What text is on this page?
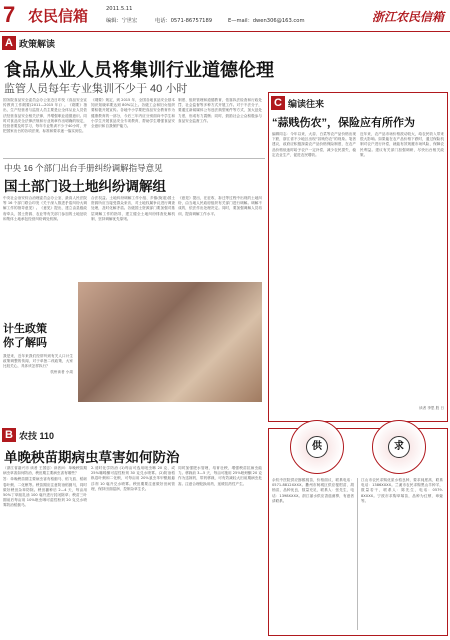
7 农民信箱	2011.5.11
编辑：宁世宏	电话：0571-86757189	E—mail：dwen306@163.com	浙江农民信箱
A 政策解读
食品从业人员将集训行业道德伦理
监管人员每年专业集训不少于 40 小时
国务院食品安全委员会办公室近日印发《食品安全宣传教育工作纲要(2011—2015 年)》。《纲要》指出，生产经营者与监管人员主要是让全体从业人员依法经营食品安全相关法律，并增强职业道德意识。同时对食品安全法律法规和行业规章作出明确的规定，经营者要及时学习，每年专业集训不少于40小时，并把国家出台的各项法规、标准和要求逐一落实到位。
《纲要》规定，到 2015 年，全国各地食品安全基本知识知晓率要达到 80%以上。各级工会和妇女组织要积极开展宣传。各地中小学要把食品安全教育作为健康教育的一部分，今后三年内应分别面向中学生和小学生开展食品安全专项教育，帮助学生增强食品安全意识和自我保护能力。
制度、组织管理和道德教育，依靠执法检查和行政处罚、社会监督等多种方式开展工作。对于不法分子，要通过新闻媒体公布违法典型案件等方式，加大惩处力度，形成有力震慑；同时，鼓励社会公众积极参与食品安全监督工作。
中央 16 个部门出台手册纠纷调解指导意见
国土部门设土地纠纷调解组
中央社会治安综合治理委员会办公室、最高人民法院等 16 个部门联合印发《关于深入推进矛盾纠纷大调解工作的指导意见》。《意见》提出，建立由县级政府牵头，国土资源、农业等有关部门参加的土地征收和集体土地承包经营纠纷调处机制。
合法权益。土地纠纷调解工作小组、乡镇(街道)国土资源所应当接受群众来访，对土地权属争议进行调查处理，及时化解矛盾。各级国土资源部门要加强对基层调解工作的指导，建立健全土地纠纷排查化解机制，坚持调解优先原则。
《意见》提出，在征收、拆迁等过程中出现的土地纠纷，由当地人民政府组织有关部门进行调解。调解不成的，依法作出处理决定。同时，要加强调解人员培训，提高调解工作水平。
计生政策
你了解吗
我是来，近年来我们经常听到有关人口计生政策调整的传闻，对于单独二孩政策，大家比较关心，具体该怎样执行？
杭州读者 小周
C 编读往来
“蒜贱伤农”，保险应有所作为
编辑同志：今年以来，大蒜、白菜等农产品价格出现下跌，浙江省不少地区出现“蒜贱伤农”的现象。笔者建议，政府应积极探索农产品价格保险制度，在农产品价格低迷时给予农户一定补偿，减少农民损失，稳定农业生产，促进农民增收。
近年来，农产品市场价格波动较大，给农民收入带来很大影响。如果能在农产品价格下跌时，通过保险机制对农户进行补偿，就能有效规避市场风险，保障农民利益。建议有关部门加强调研，尽快出台相关政策。
读者 李思 胜 日
B 农技 110
单晚秧苗期病虫草害如何防治

（浙江省嘉兴市 读者 王国忠）读者问：单晚秧苗期病虫草害如何防治，秧田期主要病虫害有哪些？

答：单晚秧苗期主要病虫害有稻蓟马、稻飞虱、稻纵卷叶螟、二化螟等。秧苗期应注意防治稻蓟马，同时做好秧田杂草防除。秧田播种后 2—4 天，每亩用 50%丁草胺乳油 100 毫升进行封闭除草；秧苗三叶期前后每亩用 10%吡虫啉可湿性粉剂 20 克兑水喷雾防治稻蓟马。

2.适时化学防治 (1)每亩可选用吡虫啉 20 克、或 25%噻嗪酮可湿性粉剂 30 克兑水喷雾。(2)防治稻纵卷叶螟和二化螟，可每亩用 20%氯虫苯甲酰胺悬浮剂 10 毫升兑水喷雾。秧田期要注意做好田间管理，保持田面湿润，控制杂草生长。
同时加强肥水管理，培育壮秧，增强秧苗抗病虫能力。移栽前 3—5 天，每亩可施用 25%吡蚜酮 20 克作为送嫁药，带药移栽，可有效减轻大田前期病虫危害。注意合理轮换用药，延缓抗药性产生。
供	求
余杭中医院供应猕猴桃苗，价格面议，联系电话：0571-8812XXXX。衢州市柯城区供应椪柑苗、胡柚苗，品种优良，数量充足，联系人：张先生，电话：1398XXXX。浙江丽水供应香菇菌棒，有意者请联系。
江山市农民求购优质水稻良种，要求纯度高，联系电话：1386XXXX。兰溪市农民求购黑山羊种羊，数量若干，联系人：陈先生，电话：0579-8XXXX。宁波市求购草莓苗，品种为红颊、章姬等。
